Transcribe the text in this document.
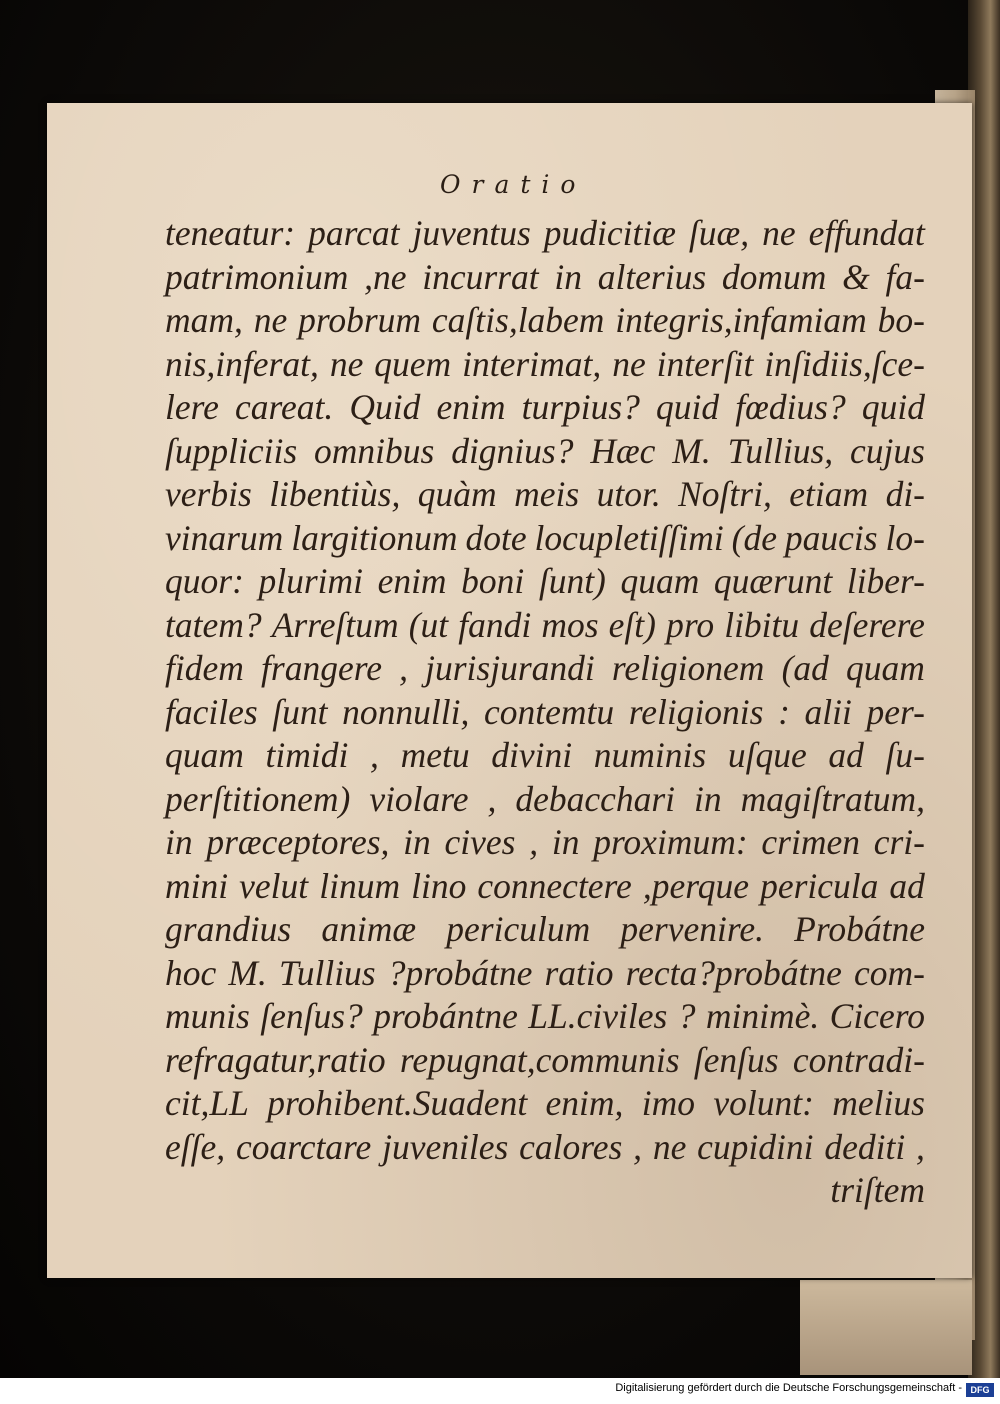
Oratio
teneatur: parcat juventus pudicitiæ ſuæ, ne effundat
patrimonium ,ne incurrat in alterius domum & fa-
mam, ne probrum caſtis,labem integris,infamiam bo-
nis,inferat, ne quem interimat, ne interſit inſidiis,ſce-
lere careat. Quid enim turpius? quid fœdius? quid
ſuppliciis omnibus dignius? Hæc M. Tullius, cujus
verbis libentiùs, quàm meis utor. Noſtri, etiam di-
vinarum largitionum dote locupletiſſimi (de paucis lo-
quor: plurimi enim boni ſunt) quam quærunt liber-
tatem? Arreſtum (ut fandi mos eſt) pro libitu deſerere
fidem frangere , jurisjurandi religionem (ad quam
faciles ſunt nonnulli, contemtu religionis : alii per-
quam timidi , metu divini numinis uſque ad ſu-
perſtitionem) violare , debacchari in magiſtratum,
in præceptores, in cives , in proximum: crimen cri-
mini velut linum lino connectere ,perque pericula ad
grandius animæ periculum pervenire. Probátne
hoc M. Tullius ?probátne ratio recta?probátne com-
munis ſenſus? probántne LL.civiles ? minimè. Cicero
refragatur,ratio repugnat,communis ſenſus contradi-
cit,LL prohibent.Suadent enim, imo volunt: melius
eſſe, coarctare juveniles calores , ne cupidini dediti ,
triſtem
Digitalisierung gefördert durch die Deutsche Forschungsgemeinschaft - DFG
